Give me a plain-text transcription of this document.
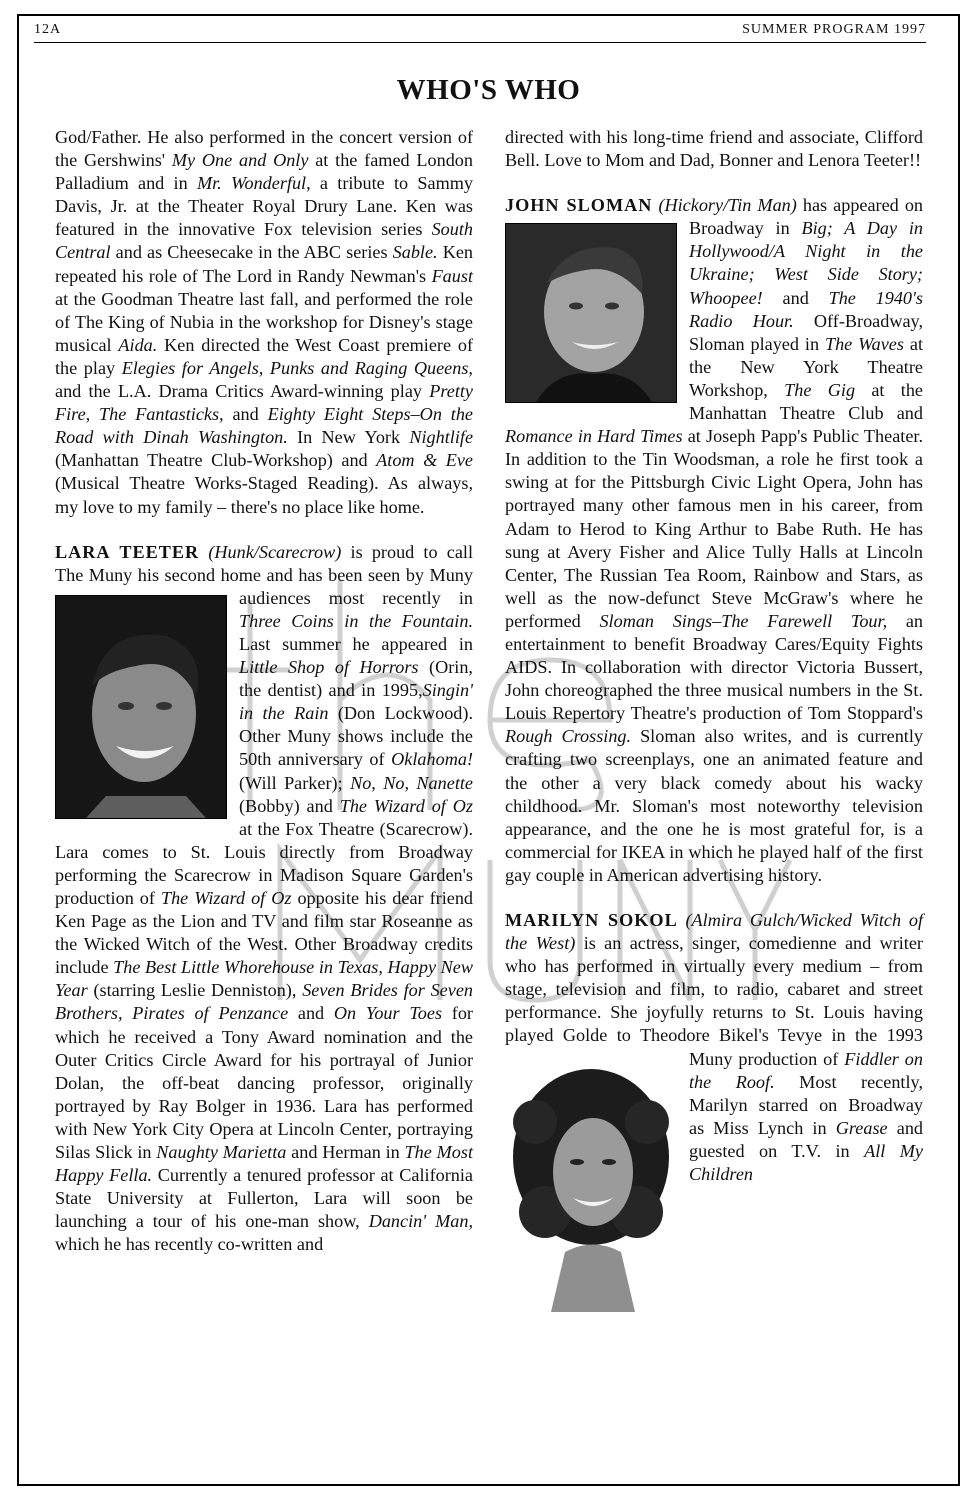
12A	SUMMER PROGRAM 1997
WHO'S WHO

God/Father. He also performed in the concert version of the Gershwins' My One and Only at the famed London Palladium and in Mr. Wonderful, a tribute to Sammy Davis, Jr. at the Theater Royal Drury Lane. Ken was featured in the innovative Fox television series South Central and as Cheesecake in the ABC series Sable. Ken repeated his role of The Lord in Randy Newman's Faust at the Goodman Theatre last fall, and performed the role of The King of Nubia in the workshop for Disney's stage musical Aida. Ken directed the West Coast premiere of the play Elegies for Angels, Punks and Raging Queens, and the L.A. Drama Critics Award-winning play Pretty Fire, The Fantasticks, and Eighty Eight Steps–On the Road with Dinah Washington. In New York Nightlife (Manhattan Theatre Club-Workshop) and Atom & Eve (Musical Theatre Works-Staged Reading). As always, my love to my family – there's no place like home.

LARA TEETER (Hunk/Scarecrow) is proud to call The Muny his second home and has been seen by Muny audiences most recently in
Three Coins in the Fountain. Last summer he appeared in Little Shop of Horrors (Orin, the dentist) and in 1995,Singin' in the Rain (Don Lockwood). Other Muny shows include the 50th anniversary of Oklahoma! (Will Parker); No, No, Nanette (Bobby) and The Wizard of Oz at the Fox Theatre (Scarecrow). Lara comes to St. Louis directly from Broadway performing the Scarecrow in Madison Square Garden's production of The Wizard of Oz opposite his dear friend Ken Page as the Lion and TV and film star Roseanne as the Wicked Witch of the West. Other Broadway credits include The Best Little Whorehouse in Texas, Happy New Year (starring Leslie Denniston), Seven Brides for Seven Brothers, Pirates of Penzance and On Your Toes for which he received a Tony Award nomination and the Outer Critics Circle Award for his portrayal of Junior Dolan, the off-beat dancing professor, originally portrayed by Ray Bolger in 1936. Lara has performed with New York City Opera at Lincoln Center, portraying Silas Slick in Naughty Marietta and Herman in The Most Happy Fella. Currently a tenured professor at California State University at Fullerton, Lara will soon be launching a tour of his one-man show, Dancin' Man, which he has recently co-written and

directed with his long-time friend and associate, Clifford Bell. Love to Mom and Dad, Bonner and Lenora Teeter!!

JOHN SLOMAN (Hickory/Tin Man) has appeared on Broadway in
Big; A Day in Hollywood/A Night in the Ukraine; West Side Story; Whoopee! and The 1940's Radio Hour. Off-Broadway, Sloman played in The Waves at the New York Theatre Workshop, The Gig at the Manhattan Theatre Club and Romance in Hard Times at Joseph Papp's Public Theater. In addition to the Tin Woodsman, a role he first took a swing at for the Pittsburgh Civic Light Opera, John has portrayed many other famous men in his career, from Adam to Herod to King Arthur to Babe Ruth. He has sung at Avery Fisher and Alice Tully Halls at Lincoln Center, The Russian Tea Room, Rainbow and Stars, as well as the now-defunct Steve McGraw's where he performed Sloman Sings–The Farewell Tour, an entertainment to benefit Broadway Cares/Equity Fights AIDS. In collaboration with director Victoria Bussert, John choreographed the three musical numbers in the St. Louis Repertory Theatre's production of Tom Stoppard's Rough Crossing. Sloman also writes, and is currently crafting two screenplays, one an animated feature and the other a very black comedy about his wacky childhood. Mr. Sloman's most noteworthy television appearance, and the one he is most grateful for, is a commercial for IKEA in which he played half of the first gay couple in American advertising history.

MARILYN SOKOL (Almira Gulch/Wicked Witch of the West) is an actress, singer, comedienne and writer who has performed in virtually every medium – from stage, television and film, to radio, cabaret and street performance. She joyfully returns to St. Louis having played Golde to Theodore Bikel's Tevye in the 1993 Muny production of
Fiddler on the Roof. Most recently, Marilyn starred on Broadway as Miss Lynch in Grease and guested on T.V. in All My Children
